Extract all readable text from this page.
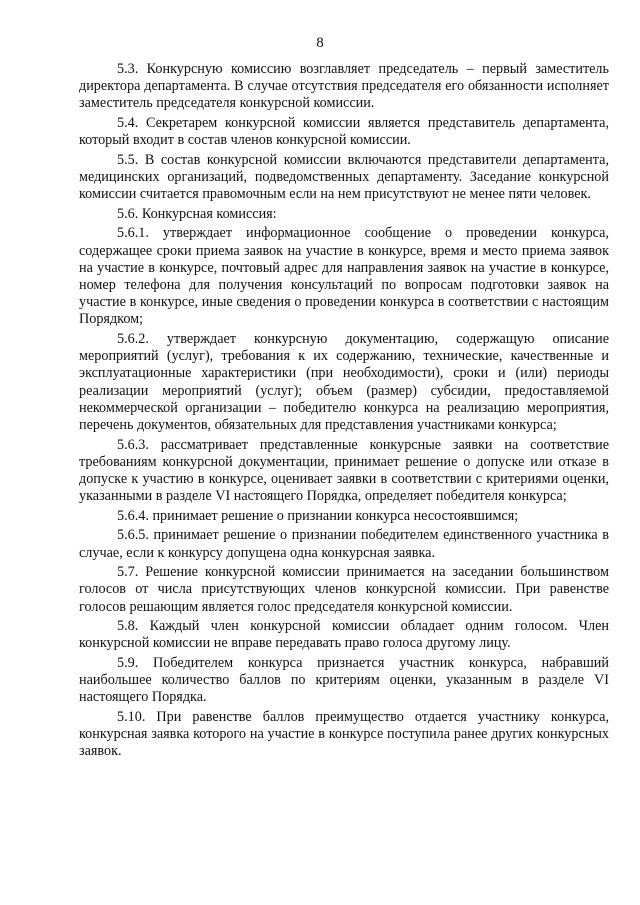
8

5.3. Конкурсную комиссию возглавляет председатель – первый заместитель директора департамента. В случае отсутствия председателя его обязанности исполняет заместитель председателя конкурсной комиссии.

5.4. Секретарем конкурсной комиссии является представитель департамента, который входит в состав членов конкурсной комиссии.

5.5. В состав конкурсной комиссии включаются представители департамента, медицинских организаций, подведомственных департаменту. Заседание конкурсной комиссии считается правомочным если на нем присутствуют не менее пяти человек.

5.6. Конкурсная комиссия:

5.6.1. утверждает информационное сообщение о проведении конкурса, содержащее сроки приема заявок на участие в конкурсе, время и место приема заявок на участие в конкурсе, почтовый адрес для направления заявок на участие в конкурсе, номер телефона для получения консультаций по вопросам подготовки заявок на участие в конкурсе, иные сведения о проведении конкурса в соответствии с настоящим Порядком;

5.6.2. утверждает конкурсную документацию, содержащую описание мероприятий (услуг), требования к их содержанию, технические, качественные и эксплуатационные характеристики (при необходимости), сроки и (или) периоды реализации мероприятий (услуг); объем (размер) субсидии, предоставляемой некоммерческой организации – победителю конкурса на реализацию мероприятия, перечень документов, обязательных для представления участниками конкурса;

5.6.3. рассматривает представленные конкурсные заявки на соответствие требованиям конкурсной документации, принимает решение о допуске или отказе в допуске к участию в конкурсе, оценивает заявки в соответствии с критериями оценки, указанными в разделе VI настоящего Порядка, определяет победителя конкурса;

5.6.4. принимает решение о признании конкурса несостоявшимся;

5.6.5. принимает решение о признании победителем единственного участника в случае, если к конкурсу допущена одна конкурсная заявка.

5.7. Решение конкурсной комиссии принимается на заседании большинством голосов от числа присутствующих членов конкурсной комиссии. При равенстве голосов решающим является голос председателя конкурсной комиссии.

5.8. Каждый член конкурсной комиссии обладает одним голосом. Член конкурсной комиссии не вправе передавать право голоса другому лицу.

5.9. Победителем конкурса признается участник конкурса, набравший наибольшее количество баллов по критериям оценки, указанным в разделе VI настоящего Порядка.

5.10. При равенстве баллов преимущество отдается участнику конкурса, конкурсная заявка которого на участие в конкурсе поступила ранее других конкурсных заявок.
